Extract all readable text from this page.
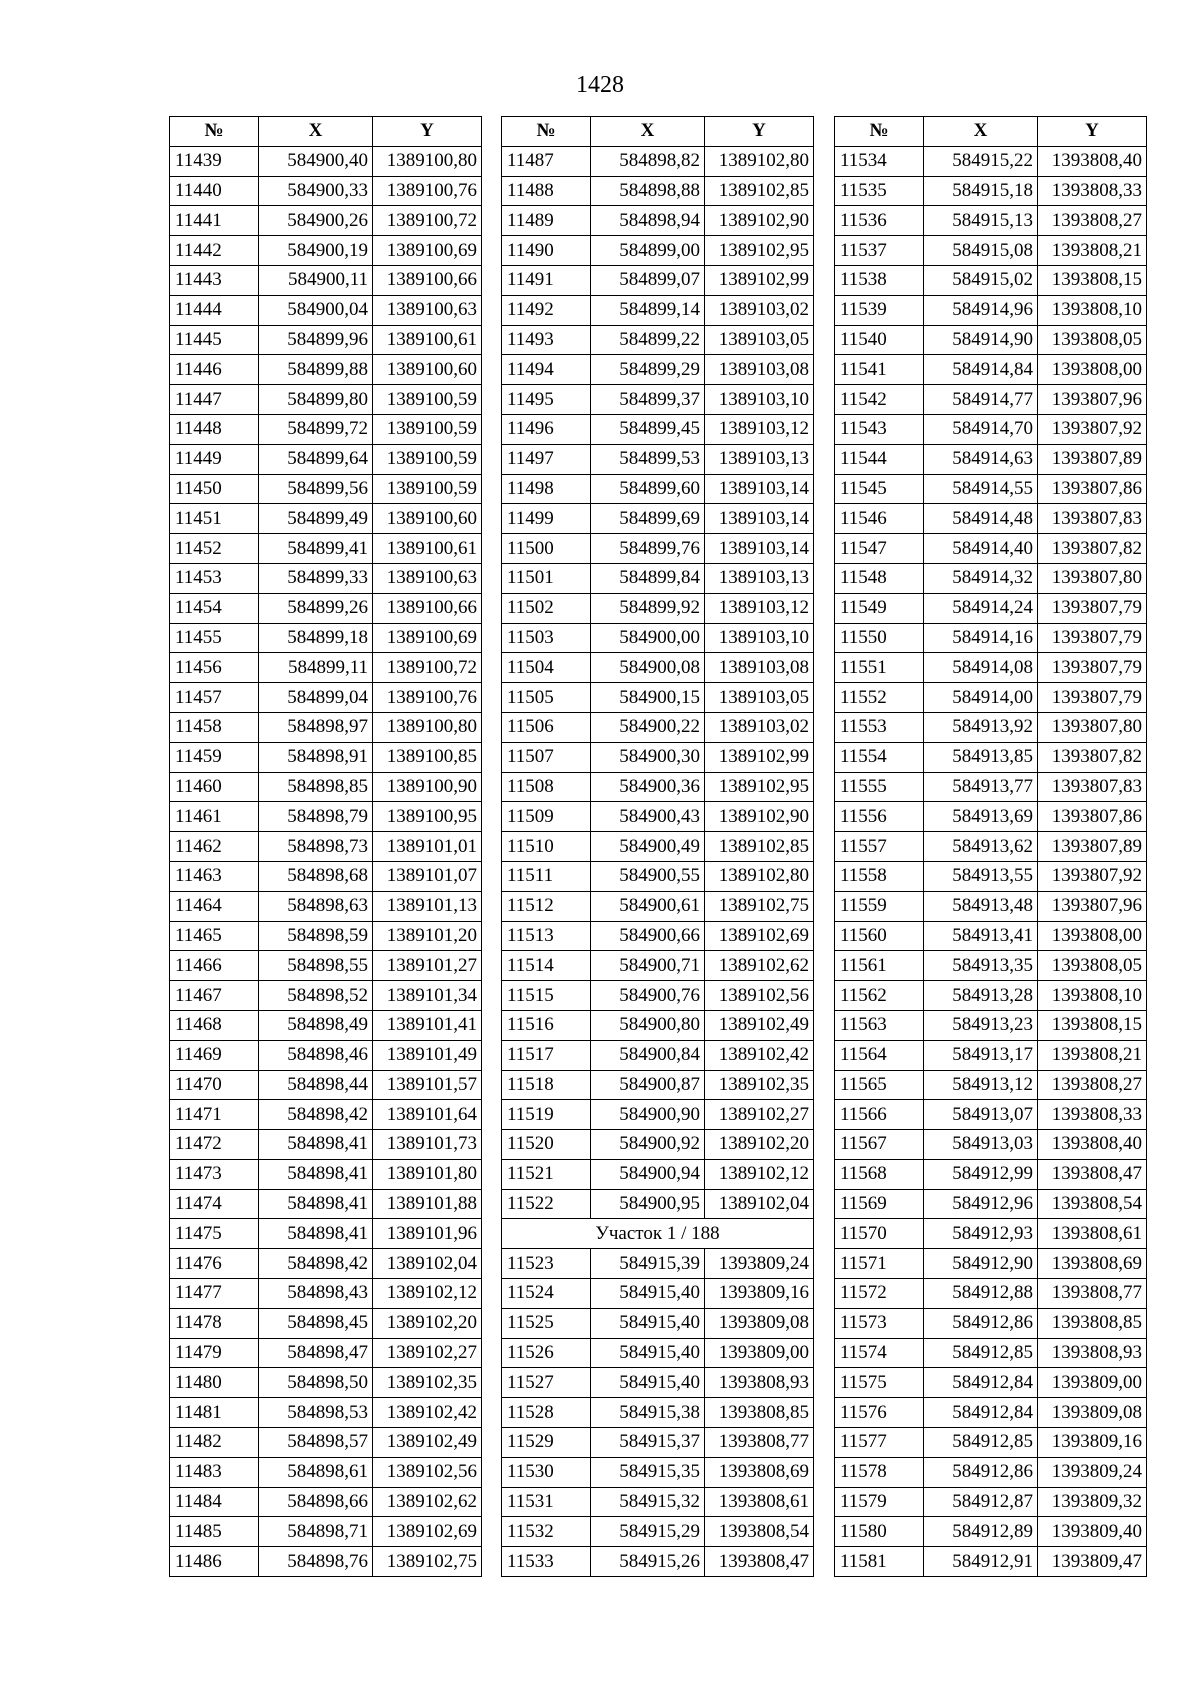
1428
№	X	Y
11439	584900,40	1389100,80
11440	584900,33	1389100,76
11441	584900,26	1389100,72
11442	584900,19	1389100,69
11443	584900,11	1389100,66
11444	584900,04	1389100,63
11445	584899,96	1389100,61
11446	584899,88	1389100,60
11447	584899,80	1389100,59
11448	584899,72	1389100,59
11449	584899,64	1389100,59
11450	584899,56	1389100,59
11451	584899,49	1389100,60
11452	584899,41	1389100,61
11453	584899,33	1389100,63
11454	584899,26	1389100,66
11455	584899,18	1389100,69
11456	584899,11	1389100,72
11457	584899,04	1389100,76
11458	584898,97	1389100,80
11459	584898,91	1389100,85
11460	584898,85	1389100,90
11461	584898,79	1389100,95
11462	584898,73	1389101,01
11463	584898,68	1389101,07
11464	584898,63	1389101,13
11465	584898,59	1389101,20
11466	584898,55	1389101,27
11467	584898,52	1389101,34
11468	584898,49	1389101,41
11469	584898,46	1389101,49
11470	584898,44	1389101,57
11471	584898,42	1389101,64
11472	584898,41	1389101,73
11473	584898,41	1389101,80
11474	584898,41	1389101,88
11475	584898,41	1389101,96
11476	584898,42	1389102,04
11477	584898,43	1389102,12
11478	584898,45	1389102,20
11479	584898,47	1389102,27
11480	584898,50	1389102,35
11481	584898,53	1389102,42
11482	584898,57	1389102,49
11483	584898,61	1389102,56
11484	584898,66	1389102,62
11485	584898,71	1389102,69
11486	584898,76	1389102,75
№	X	Y
11487	584898,82	1389102,80
11488	584898,88	1389102,85
11489	584898,94	1389102,90
11490	584899,00	1389102,95
11491	584899,07	1389102,99
11492	584899,14	1389103,02
11493	584899,22	1389103,05
11494	584899,29	1389103,08
11495	584899,37	1389103,10
11496	584899,45	1389103,12
11497	584899,53	1389103,13
11498	584899,60	1389103,14
11499	584899,69	1389103,14
11500	584899,76	1389103,14
11501	584899,84	1389103,13
11502	584899,92	1389103,12
11503	584900,00	1389103,10
11504	584900,08	1389103,08
11505	584900,15	1389103,05
11506	584900,22	1389103,02
11507	584900,30	1389102,99
11508	584900,36	1389102,95
11509	584900,43	1389102,90
11510	584900,49	1389102,85
11511	584900,55	1389102,80
11512	584900,61	1389102,75
11513	584900,66	1389102,69
11514	584900,71	1389102,62
11515	584900,76	1389102,56
11516	584900,80	1389102,49
11517	584900,84	1389102,42
11518	584900,87	1389102,35
11519	584900,90	1389102,27
11520	584900,92	1389102,20
11521	584900,94	1389102,12
11522	584900,95	1389102,04
Участок 1 / 188		
11523	584915,39	1393809,24
11524	584915,40	1393809,16
11525	584915,40	1393809,08
11526	584915,40	1393809,00
11527	584915,40	1393808,93
11528	584915,38	1393808,85
11529	584915,37	1393808,77
11530	584915,35	1393808,69
11531	584915,32	1393808,61
11532	584915,29	1393808,54
11533	584915,26	1393808,47
№	X	Y
11534	584915,22	1393808,40
11535	584915,18	1393808,33
11536	584915,13	1393808,27
11537	584915,08	1393808,21
11538	584915,02	1393808,15
11539	584914,96	1393808,10
11540	584914,90	1393808,05
11541	584914,84	1393808,00
11542	584914,77	1393807,96
11543	584914,70	1393807,92
11544	584914,63	1393807,89
11545	584914,55	1393807,86
11546	584914,48	1393807,83
11547	584914,40	1393807,82
11548	584914,32	1393807,80
11549	584914,24	1393807,79
11550	584914,16	1393807,79
11551	584914,08	1393807,79
11552	584914,00	1393807,79
11553	584913,92	1393807,80
11554	584913,85	1393807,82
11555	584913,77	1393807,83
11556	584913,69	1393807,86
11557	584913,62	1393807,89
11558	584913,55	1393807,92
11559	584913,48	1393807,96
11560	584913,41	1393808,00
11561	584913,35	1393808,05
11562	584913,28	1393808,10
11563	584913,23	1393808,15
11564	584913,17	1393808,21
11565	584913,12	1393808,27
11566	584913,07	1393808,33
11567	584913,03	1393808,40
11568	584912,99	1393808,47
11569	584912,96	1393808,54
11570	584912,93	1393808,61
11571	584912,90	1393808,69
11572	584912,88	1393808,77
11573	584912,86	1393808,85
11574	584912,85	1393808,93
11575	584912,84	1393809,00
11576	584912,84	1393809,08
11577	584912,85	1393809,16
11578	584912,86	1393809,24
11579	584912,87	1393809,32
11580	584912,89	1393809,40
11581	584912,91	1393809,47
